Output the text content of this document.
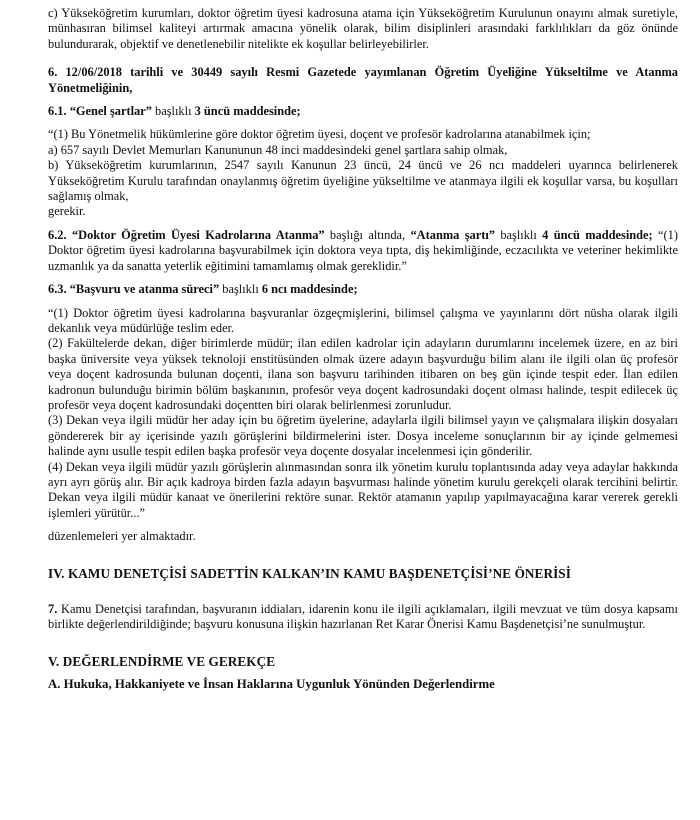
c) Yükseköğretim kurumları, doktor öğretim üyesi kadrosuna atama için Yükseköğretim Kurulunun onayını almak suretiyle, münhasıran bilimsel kaliteyi artırmak amacına yönelik olarak, bilim disiplinleri arasındaki farklılıkları da göz önünde bulundurarak, objektif ve denetlenebilir nitelikte ek koşullar belirleyebilirler.

6. 12/06/2018 tarihli ve 30449 sayılı Resmi Gazetede yayımlanan Öğretim Üyeliğine Yükseltilme ve Atanma Yönetmeliğinin,

6.1. “Genel şartlar” başlıklı 3 üncü maddesinde;

“(1) Bu Yönetmelik hükümlerine göre doktor öğretim üyesi, doçent ve profesör kadrolarına atanabilmek için;

a) 657 sayılı Devlet Memurları Kanununun 48 inci maddesindeki genel şartlara sahip olmak,

b) Yükseköğretim kurumlarının, 2547 sayılı Kanunun 23 üncü, 24 üncü ve 26 ncı maddeleri uyarınca belirlenerek Yükseköğretim Kurulu tarafından onaylanmış öğretim üyeliğine yükseltilme ve atanmaya ilgili ek koşullar varsa, bu koşulları sağlamış olmak,

gerekir.

6.2. “Doktor Öğretim Üyesi Kadrolarına Atanma” başlığı altında, “Atanma şartı” başlıklı 4 üncü maddesinde; “(1) Doktor öğretim üyesi kadrolarına başvurabilmek için doktora veya tıpta, diş hekimliğinde, eczacılıkta ve veteriner hekimlikte uzmanlık ya da sanatta yeterlik eğitimini tamamlamış olmak gereklidir.”

6.3. “Başvuru ve atanma süreci” başlıklı 6 ncı maddesinde;

“(1) Doktor öğretim üyesi kadrolarına başvuranlar özgeçmişlerini, bilimsel çalışma ve yayınlarını dört nüsha olarak ilgili dekanlık veya müdürlüğe teslim eder.

(2) Fakültelerde dekan, diğer birimlerde müdür; ilan edilen kadrolar için adayların durumlarını incelemek üzere, en az biri başka üniversite veya yüksek teknoloji enstitüsünden olmak üzere adayın başvurduğu bilim alanı ile ilgili olan üç profesör veya doçent kadrosunda bulunan doçenti, ilana son başvuru tarihinden itibaren on beş gün içinde tespit eder. İlan edilen kadronun bulunduğu birimin bölüm başkanının, profesör veya doçent kadrosundaki doçent olması halinde, tespit edilecek üç profesör veya doçent kadrosundaki doçentten biri olarak belirlenmesi zorunludur.

(3) Dekan veya ilgili müdür her aday için bu öğretim üyelerine, adaylarla ilgili bilimsel yayın ve çalışmalara ilişkin dosyaları göndererek bir ay içerisinde yazılı görüşlerini bildirmelerini ister. Dosya inceleme sonuçlarının bir ay içinde gelmemesi halinde aynı usulle tespit edilen başka profesör veya doçente dosyalar incelenmesi için gönderilir.

(4) Dekan veya ilgili müdür yazılı görüşlerin alınmasından sonra ilk yönetim kurulu toplantısında aday veya adaylar hakkında ayrı ayrı görüş alır. Bir açık kadroya birden fazla adayın başvurması halinde yönetim kurulu gerekçeli olarak tercihini belirtir. Dekan veya ilgili müdür kanaat ve önerilerini rektöre sunar. Rektör atamanın yapılıp yapılmayacağına karar vererek gerekli işlemleri yürütür...”

düzenlemeleri yer almaktadır.

IV. KAMU DENETÇİSİ SADETTİN KALKAN’IN KAMU BAŞDENETÇİSİ’NE ÖNERİSİ

7. Kamu Denetçisi tarafından, başvuranın iddiaları, idarenin konu ile ilgili açıklamaları, ilgili mevzuat ve tüm dosya kapsamı birlikte değerlendirildiğinde; başvuru konusuna ilişkin hazırlanan Ret Karar Önerisi Kamu Başdenetçisi’ne sunulmuştur.

V. DEĞERLENDİRME VE GEREKÇE

A. Hukuka, Hakkaniyete ve İnsan Haklarına Uygunluk Yönünden Değerlendirme
